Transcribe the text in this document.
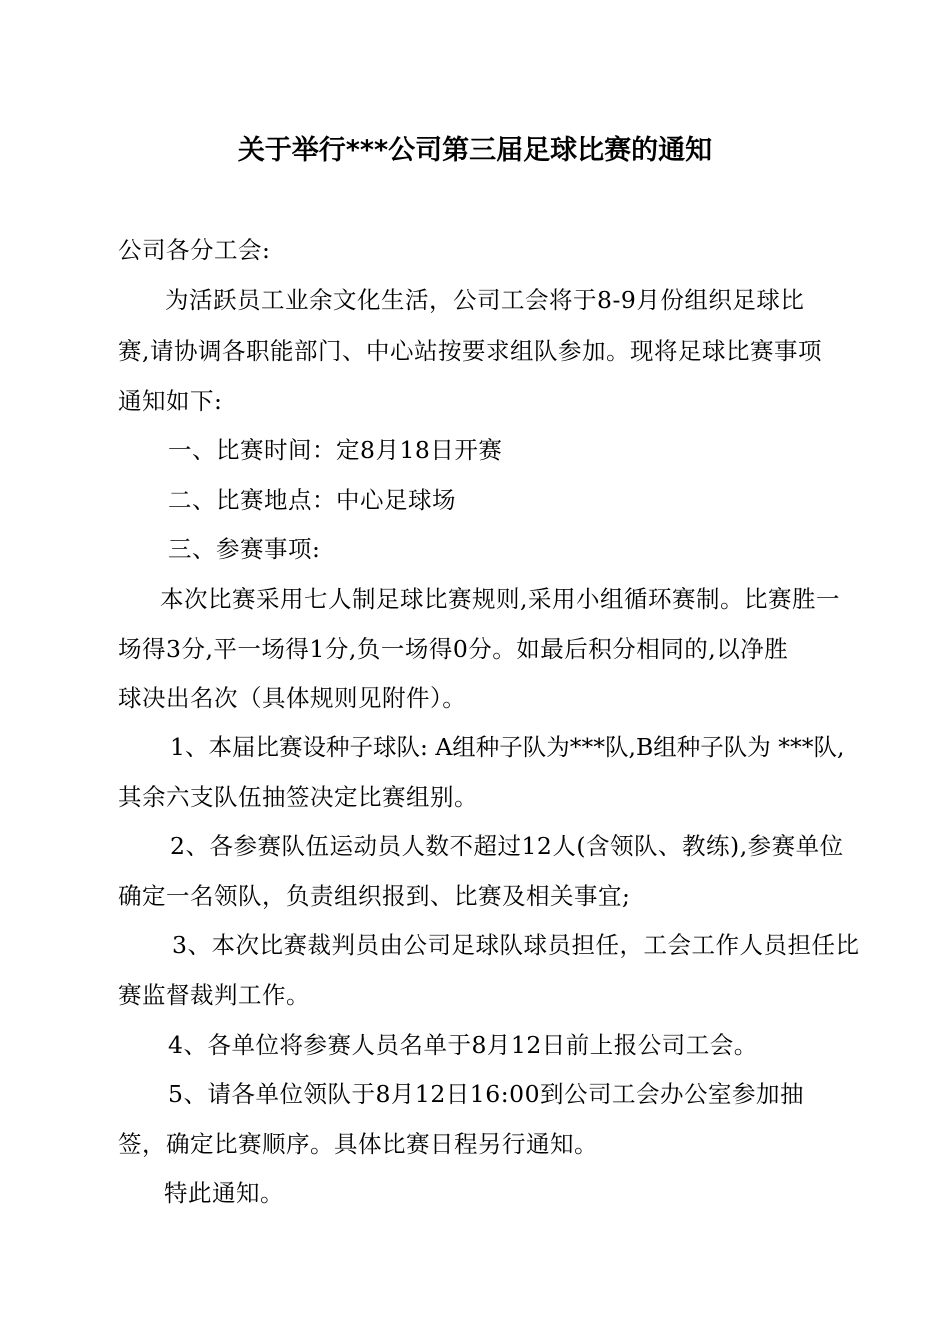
关于举行***公司第三届足球比赛的通知
公司各分工会:
为活跃员工业余文化生活，公司工会将于8-9月份组织足球比
赛,请协调各职能部门、中心站按要求组队参加。现将足球比赛事项
通知如下:
一、比赛时间：定8月18日开赛
二、比赛地点：中心足球场
三、参赛事项:
本次比赛采用七人制足球比赛规则,采用小组循环赛制。比赛胜一
场得3分,平一场得1分,负一场得0分。如最后积分相同的,以净胜
球决出名次（具体规则见附件）。
1、本届比赛设种子球队: A组种子队为***队,B组种子队为 ***队,
其余六支队伍抽签决定比赛组别。
2、各参赛队伍运动员人数不超过12人(含领队、教练),参赛单位
确定一名领队，负责组织报到、比赛及相关事宜;
3、本次比赛裁判员由公司足球队球员担任，工会工作人员担任比
赛监督裁判工作。
4、各单位将参赛人员名单于8月12日前上报公司工会。
5、请各单位领队于8月12日16:00到公司工会办公室参加抽
签，确定比赛顺序。具体比赛日程另行通知。
特此通知。
